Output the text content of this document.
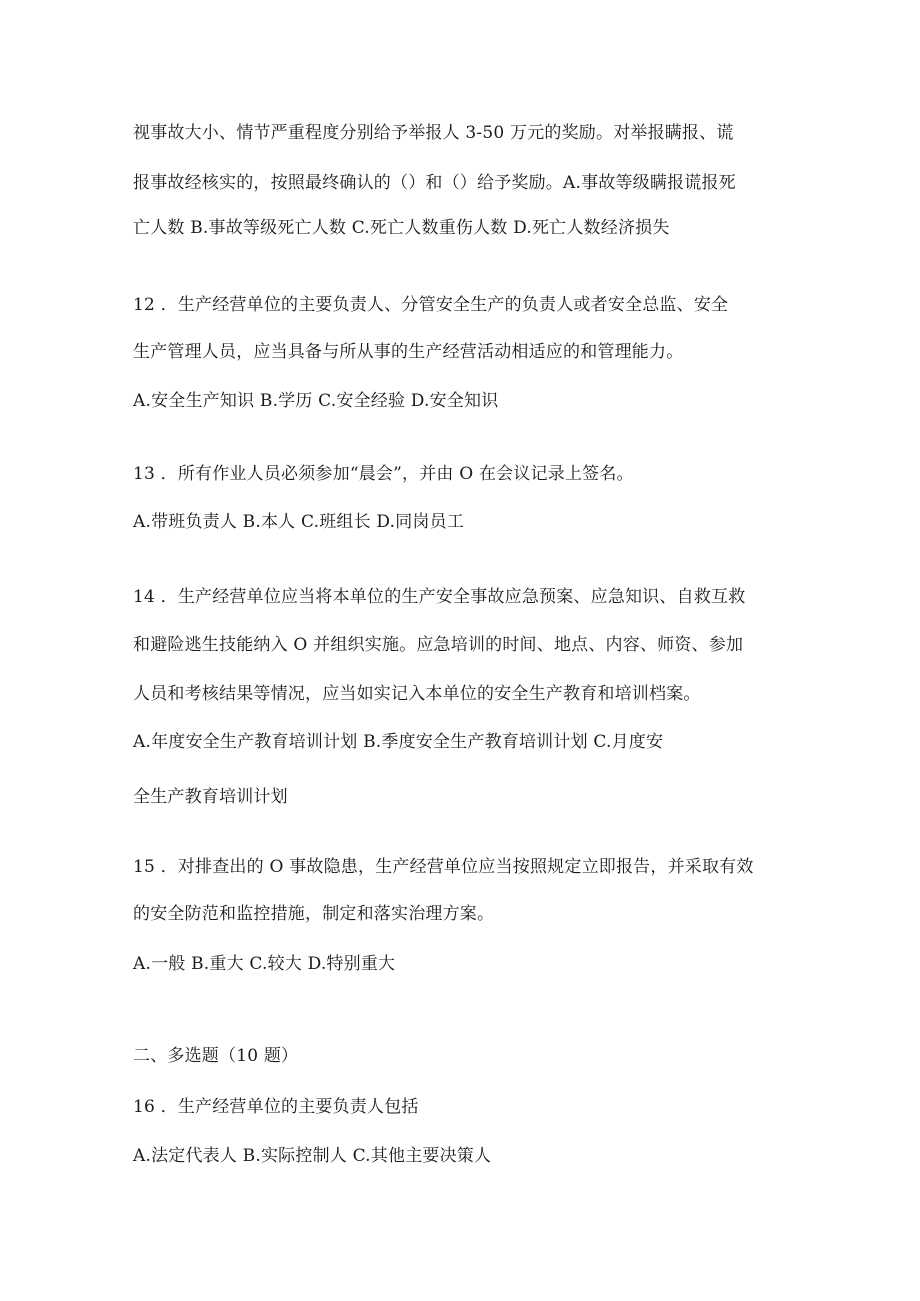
视事故大小、情节严重程度分别给予举报人 3-50 万元的奖励。对举报瞒报、谎
报事故经核实的，按照最终确认的（）和（）给予奖励。A.事故等级瞒报谎报死
亡人数 B.事故等级死亡人数 C.死亡人数重伤人数 D.死亡人数经济损失
12 ．生产经营单位的主要负责人、分管安全生产的负责人或者安全总监、安全
生产管理人员，应当具备与所从事的生产经营活动相适应的和管理能力。
A.安全生产知识 B.学历 C.安全经验 D.安全知识
13 ．所有作业人员必须参加“晨会”，并由 O 在会议记录上签名。
A.带班负责人 B.本人 C.班组长 D.同岗员工
14 ．生产经营单位应当将本单位的生产安全事故应急预案、应急知识、自救互救
和避险逃生技能纳入 O 并组织实施。应急培训的时间、地点、内容、师资、参加
人员和考核结果等情况，应当如实记入本单位的安全生产教育和培训档案。
A.年度安全生产教育培训计划 B.季度安全生产教育培训计划 C.月度安
全生产教育培训计划
15 ．对排查出的 O 事故隐患，生产经营单位应当按照规定立即报告，并采取有效
的安全防范和监控措施，制定和落实治理方案。
A.一般 B.重大 C.较大 D.特别重大
二、多选题（10 题）
16 ．生产经营单位的主要负责人包括
A.法定代表人 B.实际控制人 C.其他主要决策人
